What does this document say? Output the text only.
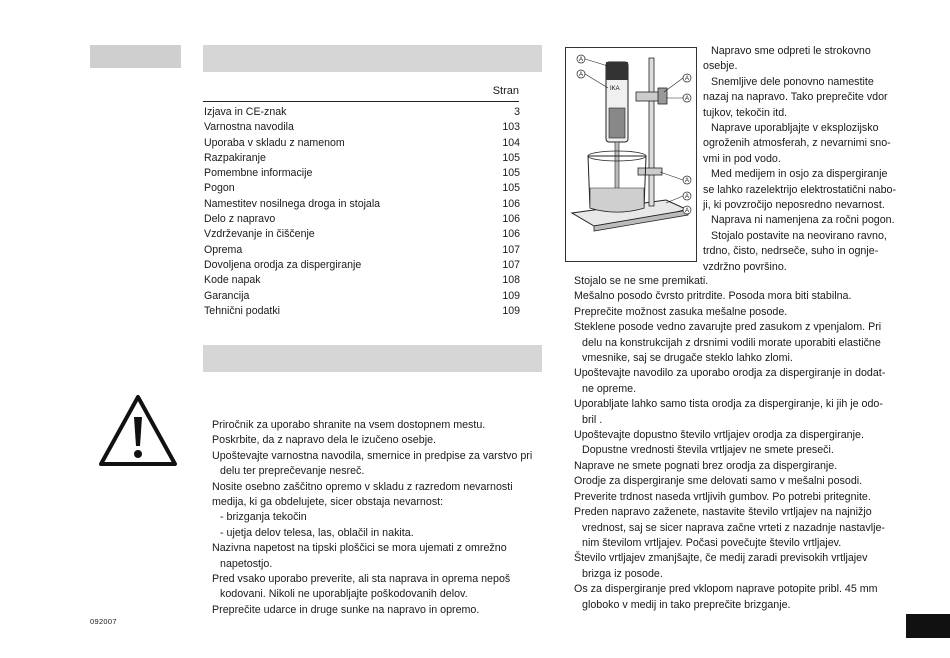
Stran
Izjava in CE-znak	3
Varnostna navodila	103
Uporaba v skladu z namenom	104
Razpakiranje	105
Pomembne informacije	105
Pogon	105
Namestitev nosilnega droga in stojala	106
Delo z napravo	106
Vzdrževanje in čiščenje	106
Oprema	107
Dovoljena orodja za dispergiranje	107
Kode napak	108
Garancija	109
Tehnični podatki	109
Priročnik za uporabo shranite na vsem dostopnem mestu.
Poskrbite, da z napravo dela le izučeno osebje.
Upoštevajte varnostna navodila, smernice in predpise za varstvo pri
delu ter preprečevanje nesreč.
Nosite osebno zaščitno opremo v skladu z razredom nevarnosti
medija, ki ga obdelujete, sicer obstaja nevarnost:
- brizganja tekočin
- ujetja delov telesa, las, oblačil in nakita.
Nazivna napetost na tipski ploščici se mora ujemati z omrežno
napetostjo.
Pred vsako uporabo preverite, ali sta naprava in oprema nepoš
kodovani. Nikoli ne uporabljajte poškodovanih delov.
Preprečite udarce in druge sunke na napravo in opremo.
IKA
A
A
A
A
A
A
A
Napravo sme odpreti le strokovno
osebje.
Snemljive dele ponovno namestite
nazaj na napravo. Tako preprečite vdor
tujkov, tekočin itd.
Naprave uporabljajte v eksplozijsko
ogroženih atmosferah, z nevarnimi sno-
vmi in pod vodo.
Med medijem in osjo za dispergiranje
se lahko razelektrijo elektrostatični nabo-
ji, ki povzročijo neposredno nevarnost.
Naprava ni namenjena za ročni pogon.
Stojalo postavite na neovirano ravno,
trdno, čisto, nedrseče, suho in ognje-
vzdržno površino.
Stojalo se ne sme premikati.
Mešalno posodo čvrsto pritrdite. Posoda mora biti stabilna.
Preprečite možnost zasuka mešalne posode.
Steklene posode vedno zavarujte pred zasukom z vpenjalom. Pri
delu na konstrukcijah z drsnimi vodili morate uporabiti elastične
vmesnike, saj se drugače steklo lahko zlomi.
Upoštevajte navodilo za uporabo orodja za dispergiranje in dodat-
ne opreme.
Uporabljate lahko samo tista orodja za dispergiranje, ki jih je odo-
bril .
Upoštevajte dopustno število vrtljajev orodja za dispergiranje.
Dopustne vrednosti števila vrtljajev ne smete preseči.
Naprave ne smete pognati brez orodja za dispergiranje.
Orodje za dispergiranje sme delovati samo v mešalni posodi.
Preverite trdnost naseda vrtljivih gumbov. Po potrebi pritegnite.
Preden napravo zaženete, nastavite število vrtljajev na najnižjo
vrednost, saj se sicer naprava začne vrteti z nazadnje nastavlje-
nim številom vrtljajev. Počasi povečujte število vrtljajev.
Število vrtljajev zmanjšajte, če medij zaradi previsokih vrtljajev
brizga iz posode.
Os za dispergiranje pred vklopom naprave potopite pribl. 45 mm
globoko v medij in tako preprečite brizganje.
092007
